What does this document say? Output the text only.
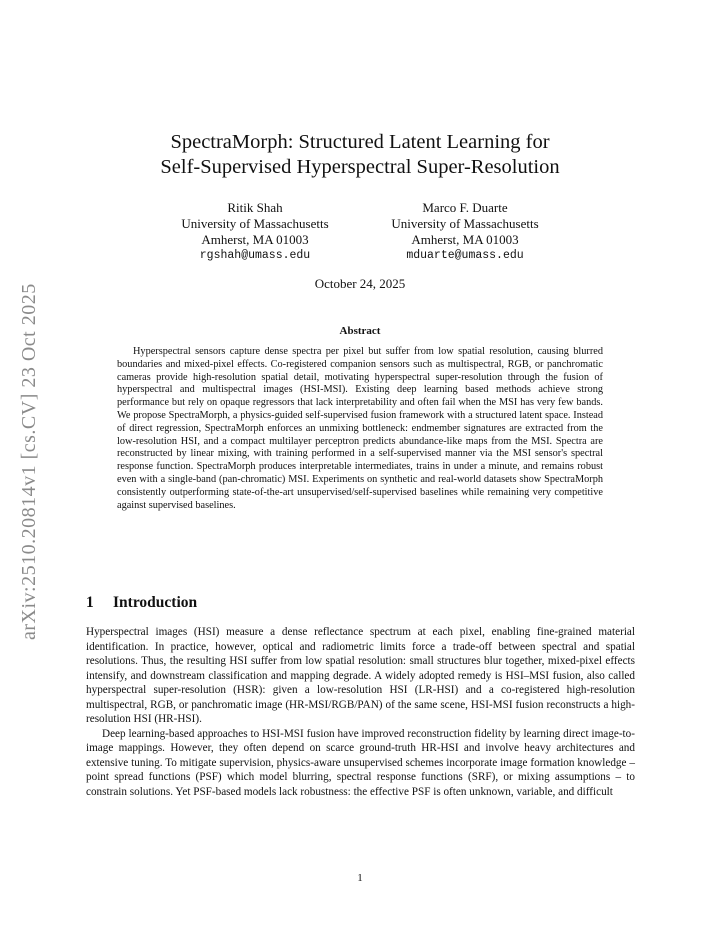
arXiv:2510.20814v1 [cs.CV] 23 Oct 2025
SpectraMorph: Structured Latent Learning for
Self-Supervised Hyperspectral Super-Resolution
Ritik Shah
University of Massachusetts
Amherst, MA 01003
rgshah@umass.edu
Marco F. Duarte
University of Massachusetts
Amherst, MA 01003
mduarte@umass.edu
October 24, 2025
Abstract
Hyperspectral sensors capture dense spectra per pixel but suffer from low spatial resolution, causing blurred boundaries and mixed-pixel effects. Co-registered companion sensors such as multispectral, RGB, or panchromatic cameras provide high-resolution spatial detail, motivating hyperspectral super-resolution through the fusion of hyperspectral and multispectral images (HSI-MSI). Existing deep learning based methods achieve strong performance but rely on opaque regressors that lack interpretability and often fail when the MSI has very few bands. We propose SpectraMorph, a physics-guided self-supervised fusion framework with a structured latent space. Instead of direct regression, SpectraMorph enforces an unmixing bottleneck: endmember signatures are extracted from the low-resolution HSI, and a compact multilayer perceptron predicts abundance-like maps from the MSI. Spectra are reconstructed by linear mixing, with training performed in a self-supervised manner via the MSI sensor's spectral response function. SpectraMorph produces interpretable intermediates, trains in under a minute, and remains robust even with a single-band (pan-chromatic) MSI. Experiments on synthetic and real-world datasets show SpectraMorph consistently outperforming state-of-the-art unsupervised/self-supervised baselines while remaining very competitive against supervised baselines.
1 Introduction

Hyperspectral images (HSI) measure a dense reflectance spectrum at each pixel, enabling fine-grained material identification. In practice, however, optical and radiometric limits force a trade-off between spectral and spatial resolutions. Thus, the resulting HSI suffer from low spatial resolution: small structures blur together, mixed-pixel effects intensify, and downstream classification and mapping degrade. A widely adopted remedy is HSI–MSI fusion, also called hyperspectral super-resolution (HSR): given a low-resolution HSI (LR-HSI) and a co-registered high-resolution multispectral, RGB, or panchromatic image (HR-MSI/RGB/PAN) of the same scene, HSI-MSI fusion reconstructs a high-resolution HSI (HR-HSI).

Deep learning-based approaches to HSI-MSI fusion have improved reconstruction fidelity by learning direct image-to-image mappings. However, they often depend on scarce ground-truth HR-HSI and involve heavy architectures and extensive tuning. To mitigate supervision, physics-aware unsupervised schemes incorporate image formation knowledge – point spread functions (PSF) which model blurring, spectral response functions (SRF), or mixing assumptions – to constrain solutions. Yet PSF-based models lack robustness: the effective PSF is often unknown, variable, and difficult

1
